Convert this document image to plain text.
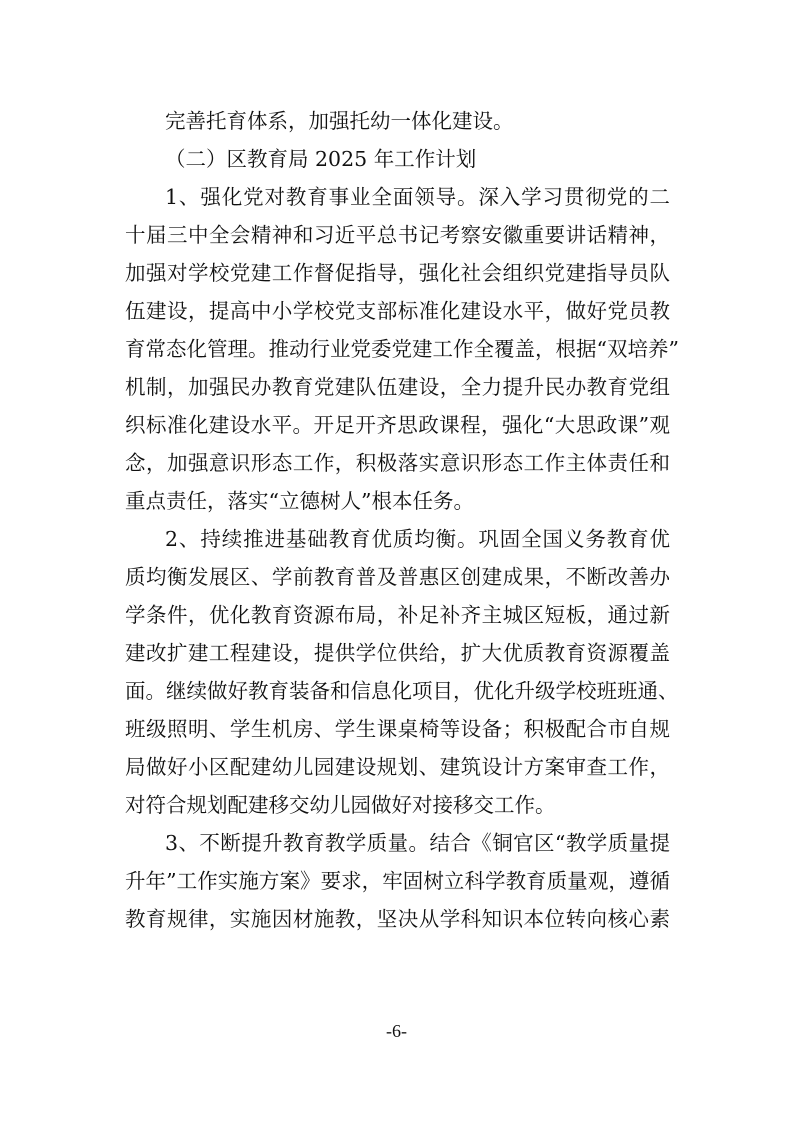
完善托育体系，加强托幼一体化建设。
（二）区教育局 2025 年工作计划
1、强化党对教育事业全面领导。深入学习贯彻党的二
十届三中全会精神和习近平总书记考察安徽重要讲话精神，
加强对学校党建工作督促指导，强化社会组织党建指导员队
伍建设，提高中小学校党支部标准化建设水平，做好党员教
育常态化管理。推动行业党委党建工作全覆盖，根据“双培养”
机制，加强民办教育党建队伍建设，全力提升民办教育党组
织标准化建设水平。开足开齐思政课程，强化“大思政课”观
念，加强意识形态工作，积极落实意识形态工作主体责任和
重点责任，落实“立德树人”根本任务。
2、持续推进基础教育优质均衡。巩固全国义务教育优
质均衡发展区、学前教育普及普惠区创建成果，不断改善办
学条件，优化教育资源布局，补足补齐主城区短板，通过新
建改扩建工程建设，提供学位供给，扩大优质教育资源覆盖
面。继续做好教育装备和信息化项目，优化升级学校班班通、
班级照明、学生机房、学生课桌椅等设备；积极配合市自规
局做好小区配建幼儿园建设规划、建筑设计方案审查工作，
对符合规划配建移交幼儿园做好对接移交工作。
3、不断提升教育教学质量。结合《铜官区“教学质量提
升年”工作实施方案》要求，牢固树立科学教育质量观，遵循
教育规律，实施因材施教，坚决从学科知识本位转向核心素
-6-
